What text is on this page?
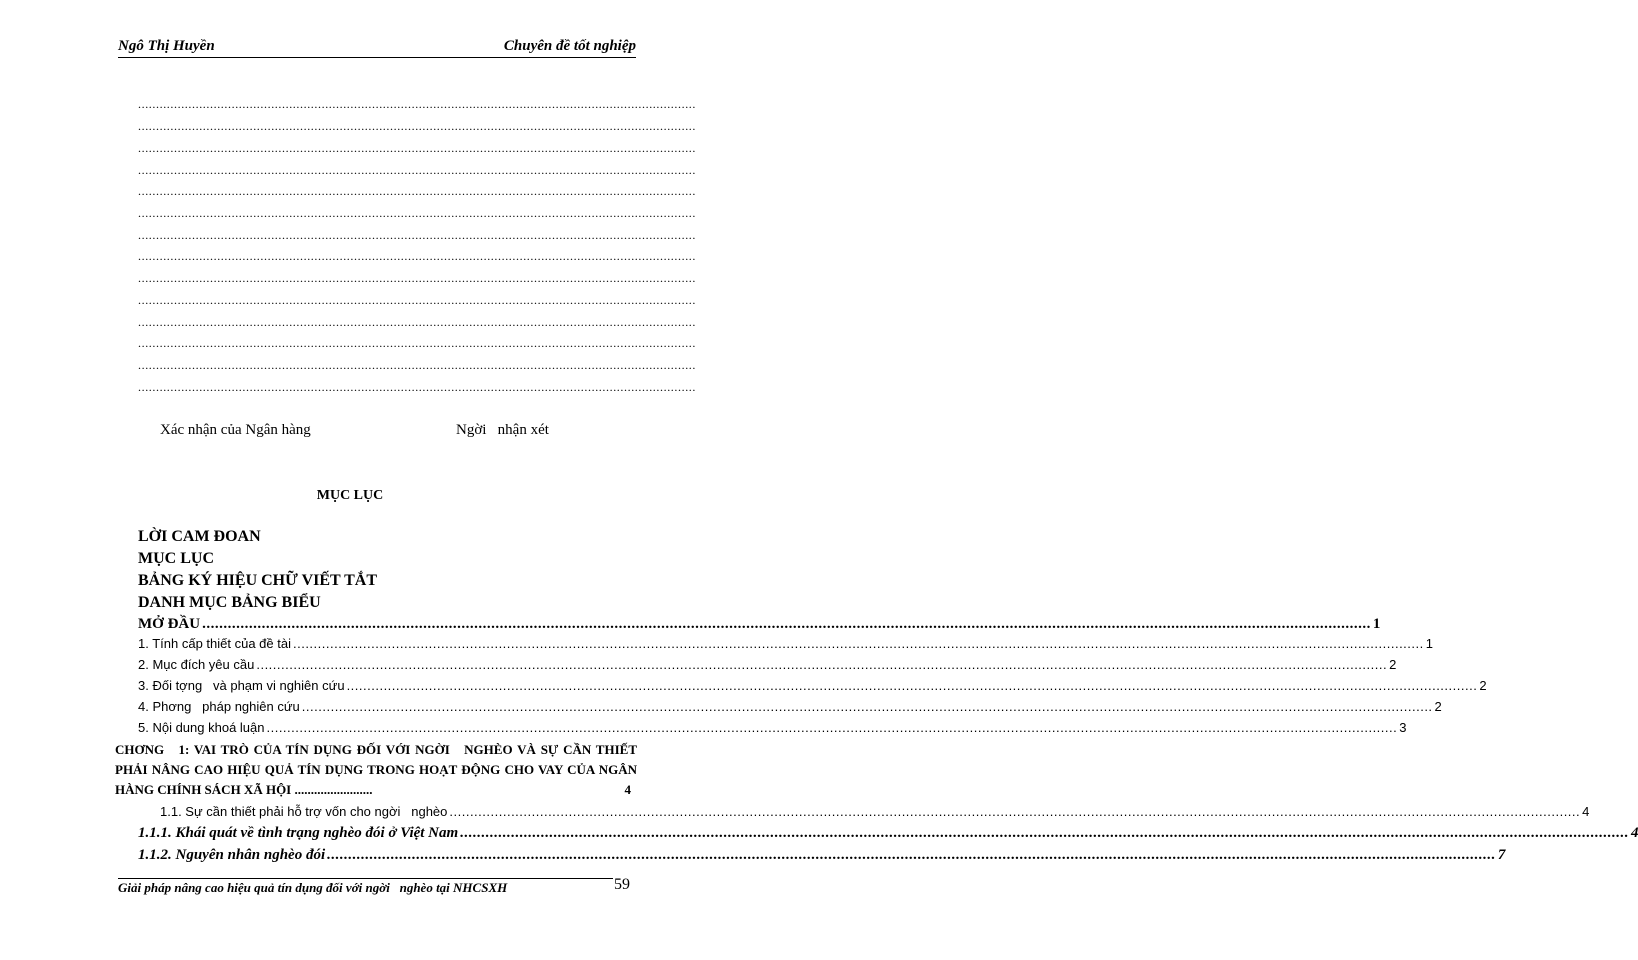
Ngô Thị Huyền	Chuyên đề tốt nghiệp
...........................................................................................................................................................
...........................................................................................................................................................
...........................................................................................................................................................
...........................................................................................................................................................
...........................................................................................................................................................
...........................................................................................................................................................
...........................................................................................................................................................
...........................................................................................................................................................
...........................................................................................................................................................
...........................................................................................................................................................
...........................................................................................................................................................
...........................................................................................................................................................
...........................................................................................................................................................
...........................................................................................................................................................
Xác nhận của Ngân hàng	Ngời   nhận xét
MỤC LỤC
LỜI CAM ĐOAN
MỤC LỤC
BẢNG KÝ HIỆU CHỮ VIẾT TẮT
DANH MỤC BẢNG BIỂU
MỞ ĐẦU .....	1
1. Tính cấp thiết của đề tài .....	1
2. Mục đích yêu cầu .....	2
3. Đối tợng   và phạm vi nghiên cứu .....	2
4. Phơng   pháp nghiên cứu .....	2
5. Nội dung khoá luận .....	3
CHƠNG   1: VAI TRÒ CỦA TÍN DỤNG ĐỐI VỚI NGỜI   NGHÈO VÀ SỰ CẦN THIẾT PHẢI NÂNG CAO HIỆU QUẢ TÍN DỤNG TRONG HOẠT ĐỘNG CHO VAY CỦA NGÂN HÀNG CHÍNH SÁCH XÃ HỘI ........................	4
1.1. Sự cần thiết phải hỗ trợ vốn cho ngời   nghèo .....	4
1.1.1. Khái quát về tình trạng nghèo đói ở Việt Nam .....	4
1.1.2. Nguyên nhân nghèo đói .....	7
Giải pháp nâng cao hiệu quả tín dụng đối với ngời   nghèo tại NHCSXH	59
